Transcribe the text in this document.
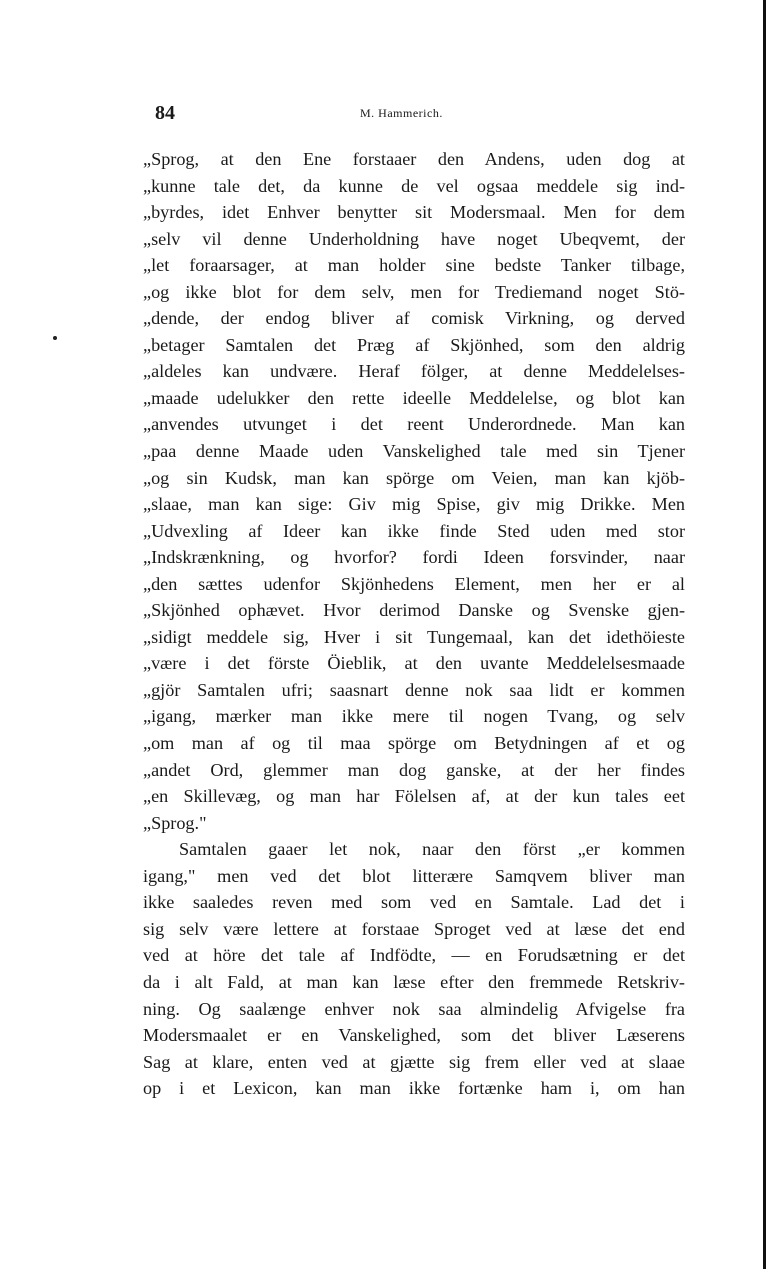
84	M. Hammerich.
„Sprog, at den Ene forstaaer den Andens, uden dog at
„kunne tale det, da kunne de vel ogsaa meddele sig ind-
„byrdes, idet Enhver benytter sit Modersmaal. Men for dem
„selv vil denne Underholdning have noget Ubeqvemt, der
„let foraarsager, at man holder sine bedste Tanker tilbage,
„og ikke blot for dem selv, men for Trediemand noget Stö-
„dende, der endog bliver af comisk Virkning, og derved
„betager Samtalen det Præg af Skjönhed, som den aldrig
„aldeles kan undvære. Heraf fölger, at denne Meddelelses-
„maade udelukker den rette ideelle Meddelelse, og blot kan
„anvendes utvunget i det reent Underordnede. Man kan
„paa denne Maade uden Vanskelighed tale med sin Tjener
„og sin Kudsk, man kan spörge om Veien, man kan kjöb-
„slaae, man kan sige: Giv mig Spise, giv mig Drikke. Men
„Udvexling af Ideer kan ikke finde Sted uden med stor
„Indskrænkning, og hvorfor? fordi Ideen forsvinder, naar
„den sættes udenfor Skjönhedens Element, men her er al
„Skjönhed ophævet. Hvor derimod Danske og Svenske gjen-
„sidigt meddele sig, Hver i sit Tungemaal, kan det idethöieste
„være i det förste Öieblik, at den uvante Meddelelsesmaade
„gjör Samtalen ufri; saasnart denne nok saa lidt er kommen
„igang, mærker man ikke mere til nogen Tvang, og selv
„om man af og til maa spörge om Betydningen af et og
„andet Ord, glemmer man dog ganske, at der her findes
„en Skillevæg, og man har Fölelsen af, at der kun tales eet
„Sprog."
Samtalen gaaer let nok, naar den först „er kommen
igang," men ved det blot litterære Samqvem bliver man
ikke saaledes reven med som ved en Samtale. Lad det i
sig selv være lettere at forstaae Sproget ved at læse det end
ved at höre det tale af Indfödte, — en Forudsætning er det
da i alt Fald, at man kan læse efter den fremmede Retskriv-
ning. Og saalænge enhver nok saa almindelig Afvigelse fra
Modersmaalet er en Vanskelighed, som det bliver Læserens
Sag at klare, enten ved at gjætte sig frem eller ved at slaae
op i et Lexicon, kan man ikke fortænke ham i, om han
